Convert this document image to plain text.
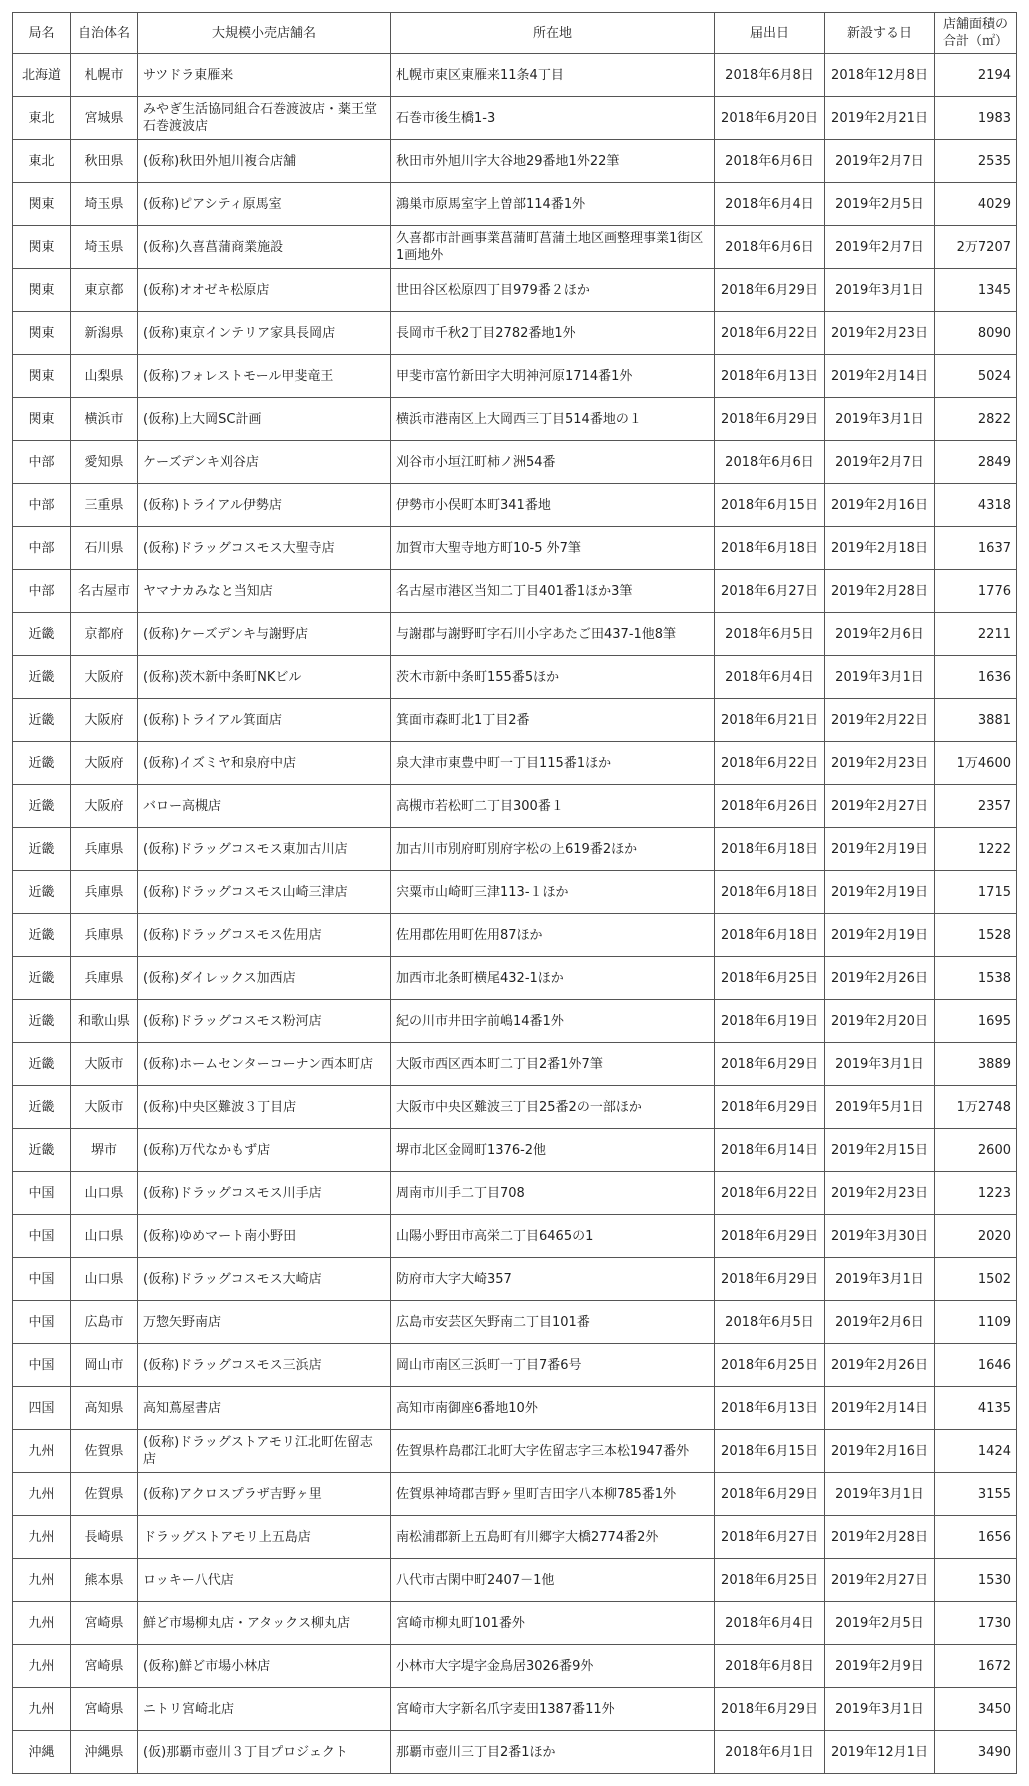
局名	自治体名	大規模小売店舗名	所在地	届出日	新設する日	店舗面積の合計（㎡）
北海道	札幌市	サツドラ東雁来	札幌市東区東雁来11条4丁目	2018年6月8日	2018年12月8日	2194
東北	宮城県	みやぎ生活協同組合石巻渡波店・薬王堂石巻渡波店	石巻市後生橋1-3	2018年6月20日	2019年2月21日	1983
東北	秋田県	(仮称)秋田外旭川複合店舗	秋田市外旭川字大谷地29番地1外22筆	2018年6月6日	2019年2月7日	2535
関東	埼玉県	(仮称)ピアシティ原馬室	鴻巣市原馬室字上曽部114番1外	2018年6月4日	2019年2月5日	4029
関東	埼玉県	(仮称)久喜菖蒲商業施設	久喜都市計画事業菖蒲町菖蒲土地区画整理事業1街区1画地外	2018年6月6日	2019年2月7日	2万7207
関東	東京都	(仮称)オオゼキ松原店	世田谷区松原四丁目979番２ほか	2018年6月29日	2019年3月1日	1345
関東	新潟県	(仮称)東京インテリア家具長岡店	長岡市千秋2丁目2782番地1外	2018年6月22日	2019年2月23日	8090
関東	山梨県	(仮称)フォレストモール甲斐竜王	甲斐市富竹新田字大明神河原1714番1外	2018年6月13日	2019年2月14日	5024
関東	横浜市	(仮称)上大岡SC計画	横浜市港南区上大岡西三丁目514番地の１	2018年6月29日	2019年3月1日	2822
中部	愛知県	ケーズデンキ刈谷店	刈谷市小垣江町柿ノ洲54番	2018年6月6日	2019年2月7日	2849
中部	三重県	(仮称)トライアル伊勢店	伊勢市小俣町本町341番地	2018年6月15日	2019年2月16日	4318
中部	石川県	(仮称)ドラッグコスモス大聖寺店	加賀市大聖寺地方町10-5 外7筆	2018年6月18日	2019年2月18日	1637
中部	名古屋市	ヤマナカみなと当知店	名古屋市港区当知二丁目401番1ほか3筆	2018年6月27日	2019年2月28日	1776
近畿	京都府	(仮称)ケーズデンキ与謝野店	与謝郡与謝野町字石川小字あたご田437-1他8筆	2018年6月5日	2019年2月6日	2211
近畿	大阪府	(仮称)茨木新中条町NKビル	茨木市新中条町155番5ほか	2018年6月4日	2019年3月1日	1636
近畿	大阪府	(仮称)トライアル箕面店	箕面市森町北1丁目2番	2018年6月21日	2019年2月22日	3881
近畿	大阪府	(仮称)イズミヤ和泉府中店	泉大津市東豊中町一丁目115番1ほか	2018年6月22日	2019年2月23日	1万4600
近畿	大阪府	バロー高槻店	高槻市若松町二丁目300番１	2018年6月26日	2019年2月27日	2357
近畿	兵庫県	(仮称)ドラッグコスモス東加古川店	加古川市別府町別府字松の上619番2ほか	2018年6月18日	2019年2月19日	1222
近畿	兵庫県	(仮称)ドラッグコスモス山崎三津店	宍粟市山崎町三津113-１ほか	2018年6月18日	2019年2月19日	1715
近畿	兵庫県	(仮称)ドラッグコスモス佐用店	佐用郡佐用町佐用87ほか	2018年6月18日	2019年2月19日	1528
近畿	兵庫県	(仮称)ダイレックス加西店	加西市北条町横尾432-1ほか	2018年6月25日	2019年2月26日	1538
近畿	和歌山県	(仮称)ドラッグコスモス粉河店	紀の川市井田字前嶋14番1外	2018年6月19日	2019年2月20日	1695
近畿	大阪市	(仮称)ホームセンターコーナン西本町店	大阪市西区西本町二丁目2番1外7筆	2018年6月29日	2019年3月1日	3889
近畿	大阪市	(仮称)中央区難波３丁目店	大阪市中央区難波三丁目25番2の一部ほか	2018年6月29日	2019年5月1日	1万2748
近畿	堺市	(仮称)万代なかもず店	堺市北区金岡町1376-2他	2018年6月14日	2019年2月15日	2600
中国	山口県	(仮称)ドラッグコスモス川手店	周南市川手二丁目708	2018年6月22日	2019年2月23日	1223
中国	山口県	(仮称)ゆめマート南小野田	山陽小野田市高栄二丁目6465の1	2018年6月29日	2019年3月30日	2020
中国	山口県	(仮称)ドラッグコスモス大崎店	防府市大字大崎357	2018年6月29日	2019年3月1日	1502
中国	広島市	万惣矢野南店	広島市安芸区矢野南二丁目101番	2018年6月5日	2019年2月6日	1109
中国	岡山市	(仮称)ドラッグコスモス三浜店	岡山市南区三浜町一丁目7番6号	2018年6月25日	2019年2月26日	1646
四国	高知県	高知蔦屋書店	高知市南御座6番地10外	2018年6月13日	2019年2月14日	4135
九州	佐賀県	(仮称)ドラッグストアモリ江北町佐留志店	佐賀県杵島郡江北町大字佐留志字三本松1947番外	2018年6月15日	2019年2月16日	1424
九州	佐賀県	(仮称)アクロスプラザ吉野ヶ里	佐賀県神埼郡吉野ヶ里町吉田字八本柳785番1外	2018年6月29日	2019年3月1日	3155
九州	長崎県	ドラッグストアモリ上五島店	南松浦郡新上五島町有川郷字大橋2774番2外	2018年6月27日	2019年2月28日	1656
九州	熊本県	ロッキー八代店	八代市古閑中町2407－1他	2018年6月25日	2019年2月27日	1530
九州	宮崎県	鮮ど市場柳丸店・アタックス柳丸店	宮崎市柳丸町101番外	2018年6月4日	2019年2月5日	1730
九州	宮崎県	(仮称)鮮ど市場小林店	小林市大字堤字金鳥居3026番9外	2018年6月8日	2019年2月9日	1672
九州	宮崎県	ニトリ宮崎北店	宮崎市大字新名爪字麦田1387番11外	2018年6月29日	2019年3月1日	3450
沖縄	沖縄県	(仮)那覇市壺川３丁目プロジェクト	那覇市壺川三丁目2番1ほか	2018年6月1日	2019年12月1日	3490
